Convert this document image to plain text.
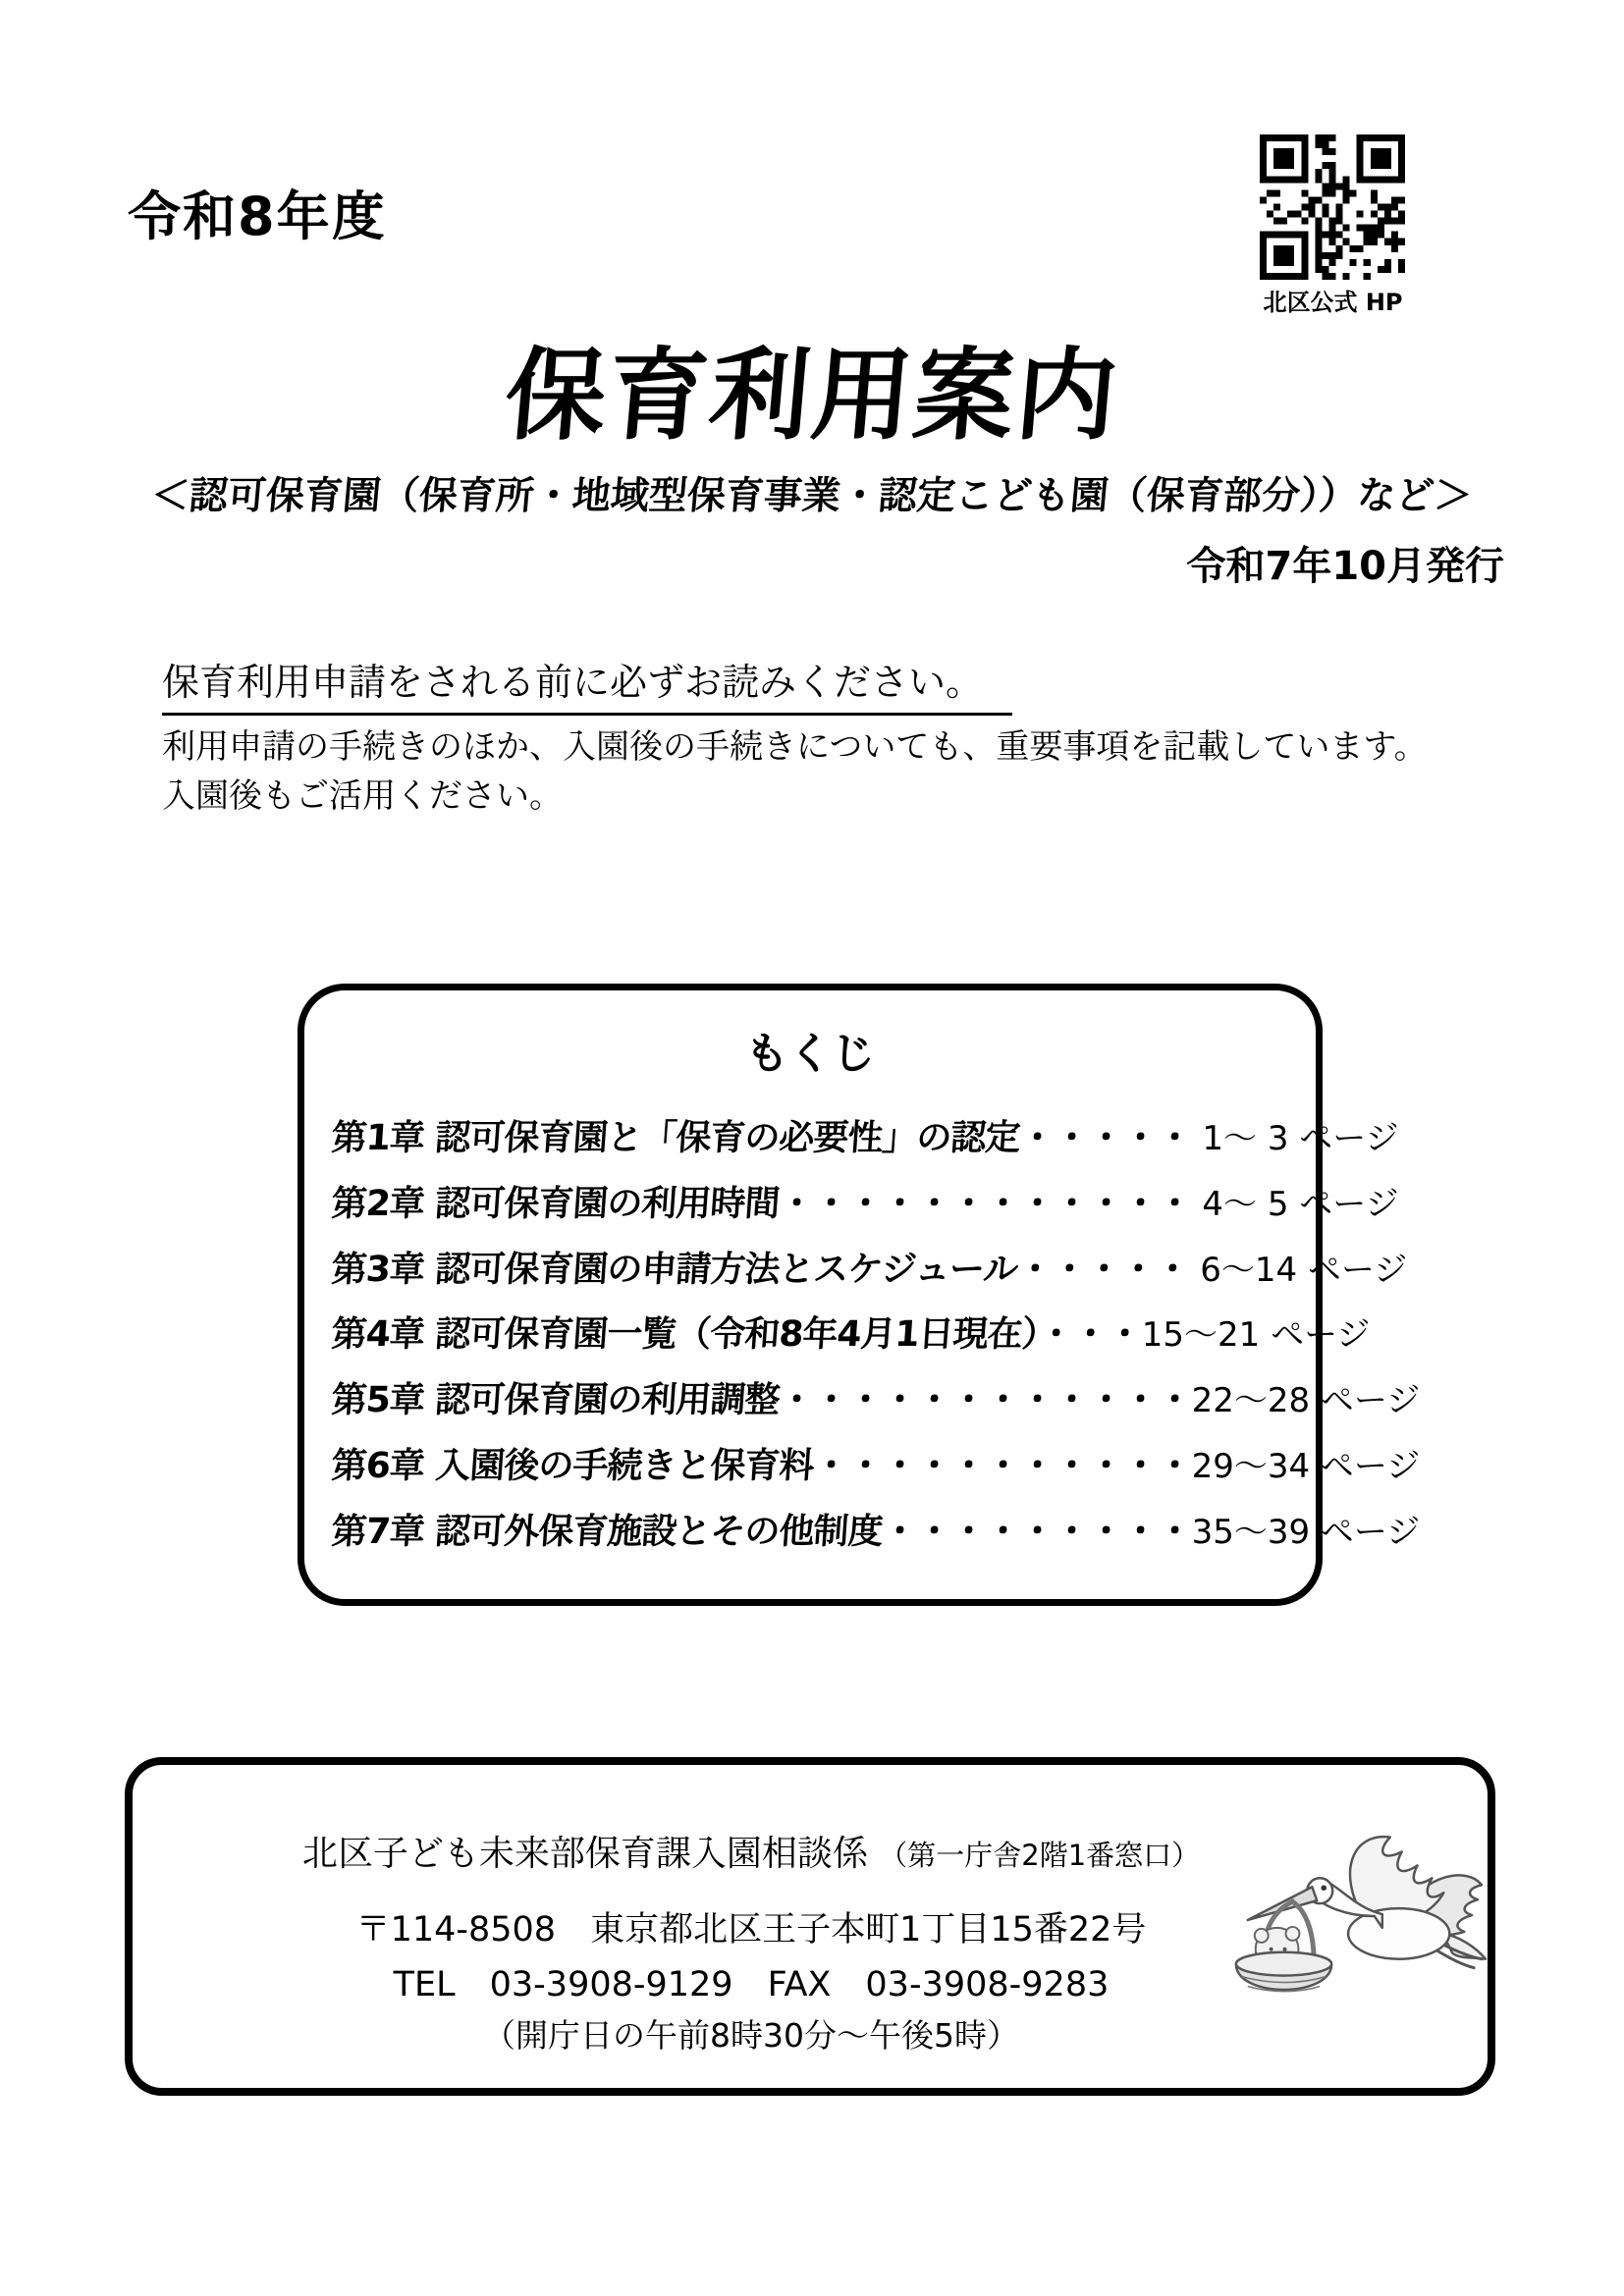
令和8年度
北区公式 HP
保育利用案内
＜認可保育園（保育所・地域型保育事業・認定こども園（保育部分））など＞
令和7年10月発行
保育利用申請をされる前に必ずお読みください。
利用申請の手続きのほか、入園後の手続きについても、重要事項を記載しています。
入園後もご活用ください。
もくじ
第1章 認可保育園と「保育の必要性」の認定・・・・・
1～ 3 ページ
第2章 認可保育園の利用時間・・・・・・・・・・・・
4～ 5 ページ
第3章 認可保育園の申請方法とスケジュール・・・・・
6～14 ページ
第4章 認可保育園一覧（令和8年4月1日現在）・・・
15～21 ページ
第5章 認可保育園の利用調整・・・・・・・・・・・・
22～28 ページ
第6章 入園後の手続きと保育料・・・・・・・・・・・
29～34 ページ
第7章 認可外保育施設とその他制度・・・・・・・・・
35～39 ページ
北区子ども未来部保育課入園相談係 （第一庁舎2階1番窓口）
〒114-8508　東京都北区王子本町1丁目15番22号
TEL　03-3908-9129　FAX　03-3908-9283
（開庁日の午前8時30分～午後5時）
